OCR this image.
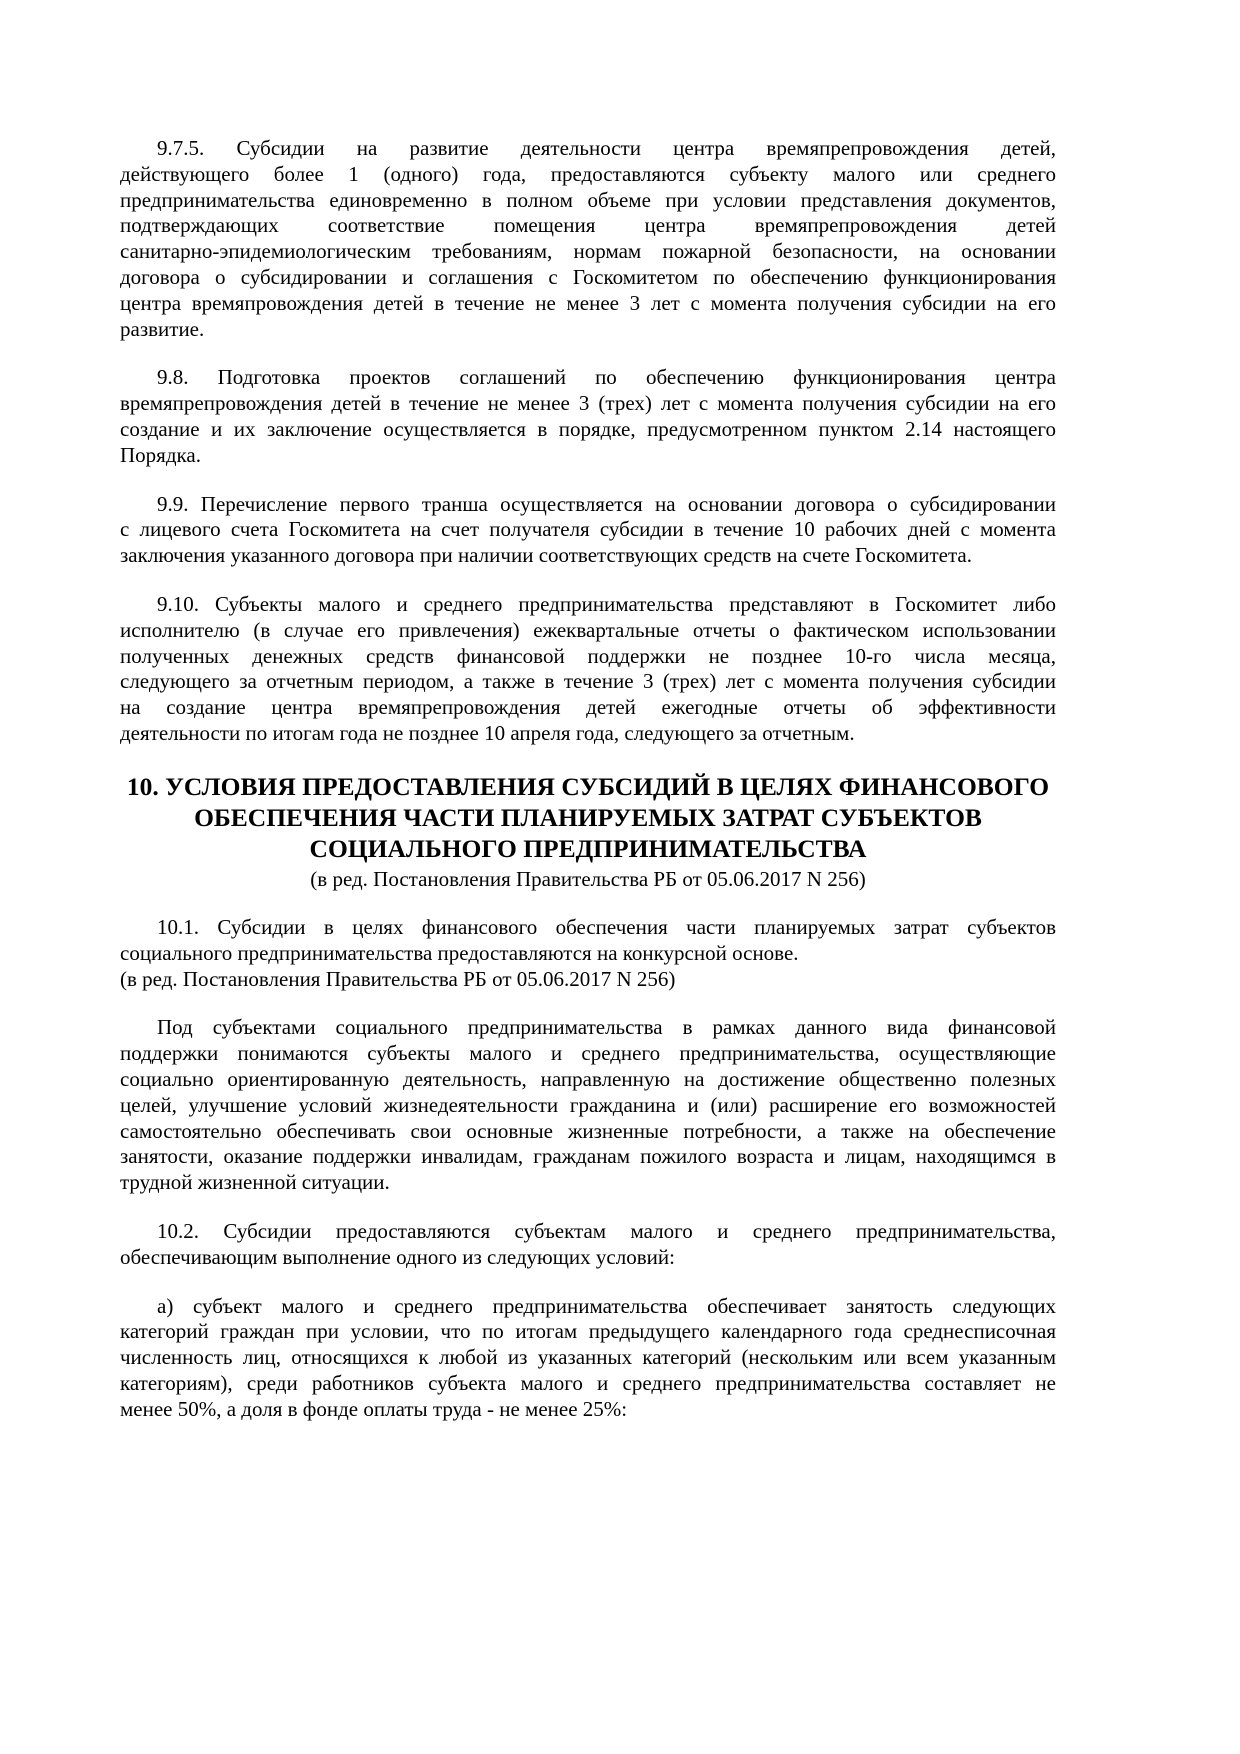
9.7.5. Субсидии на развитие деятельности центра времяпрепровождения детей,
действующего более 1 (одного) года, предоставляются субъекту малого или среднего
предпринимательства единовременно в полном объеме при условии представления документов,
подтверждающих соответствие помещения центра времяпрепровождения детей
санитарно-эпидемиологическим требованиям, нормам пожарной безопасности, на основании
договора о субсидировании и соглашения с Госкомитетом по обеспечению функционирования
центра времяпровождения детей в течение не менее 3 лет с момента получения субсидии на его
развитие.
9.8. Подготовка проектов соглашений по обеспечению функционирования центра
времяпрепровождения детей в течение не менее 3 (трех) лет с момента получения субсидии на его
создание и их заключение осуществляется в порядке, предусмотренном пунктом 2.14 настоящего
Порядка.
9.9. Перечисление первого транша осуществляется на основании договора о субсидировании
с лицевого счета Госкомитета на счет получателя субсидии в течение 10 рабочих дней с момента
заключения указанного договора при наличии соответствующих средств на счете Госкомитета.
9.10. Субъекты малого и среднего предпринимательства представляют в Госкомитет либо
исполнителю (в случае его привлечения) ежеквартальные отчеты о фактическом использовании
полученных денежных средств финансовой поддержки не позднее 10-го числа месяца,
следующего за отчетным периодом, а также в течение 3 (трех) лет с момента получения субсидии
на создание центра времяпрепровождения детей ежегодные отчеты об эффективности
деятельности по итогам года не позднее 10 апреля года, следующего за отчетным.
10. УСЛОВИЯ ПРЕДОСТАВЛЕНИЯ СУБСИДИЙ В ЦЕЛЯХ ФИНАНСОВОГО
ОБЕСПЕЧЕНИЯ ЧАСТИ ПЛАНИРУЕМЫХ ЗАТРАТ СУБЪЕКТОВ
СОЦИАЛЬНОГО ПРЕДПРИНИМАТЕЛЬСТВА
(в ред. Постановления Правительства РБ от 05.06.2017 N 256)
10.1. Субсидии в целях финансового обеспечения части планируемых затрат субъектов
социального предпринимательства предоставляются на конкурсной основе.
(в ред. Постановления Правительства РБ от 05.06.2017 N 256)
Под субъектами социального предпринимательства в рамках данного вида финансовой
поддержки понимаются субъекты малого и среднего предпринимательства, осуществляющие
социально ориентированную деятельность, направленную на достижение общественно полезных
целей, улучшение условий жизнедеятельности гражданина и (или) расширение его возможностей
самостоятельно обеспечивать свои основные жизненные потребности, а также на обеспечение
занятости, оказание поддержки инвалидам, гражданам пожилого возраста и лицам, находящимся в
трудной жизненной ситуации.
10.2. Субсидии предоставляются субъектам малого и среднего предпринимательства,
обеспечивающим выполнение одного из следующих условий:
а) субъект малого и среднего предпринимательства обеспечивает занятость следующих
категорий граждан при условии, что по итогам предыдущего календарного года среднесписочная
численность лиц, относящихся к любой из указанных категорий (нескольким или всем указанным
категориям), среди работников субъекта малого и среднего предпринимательства составляет не
менее 50%, а доля в фонде оплаты труда - не менее 25%:
